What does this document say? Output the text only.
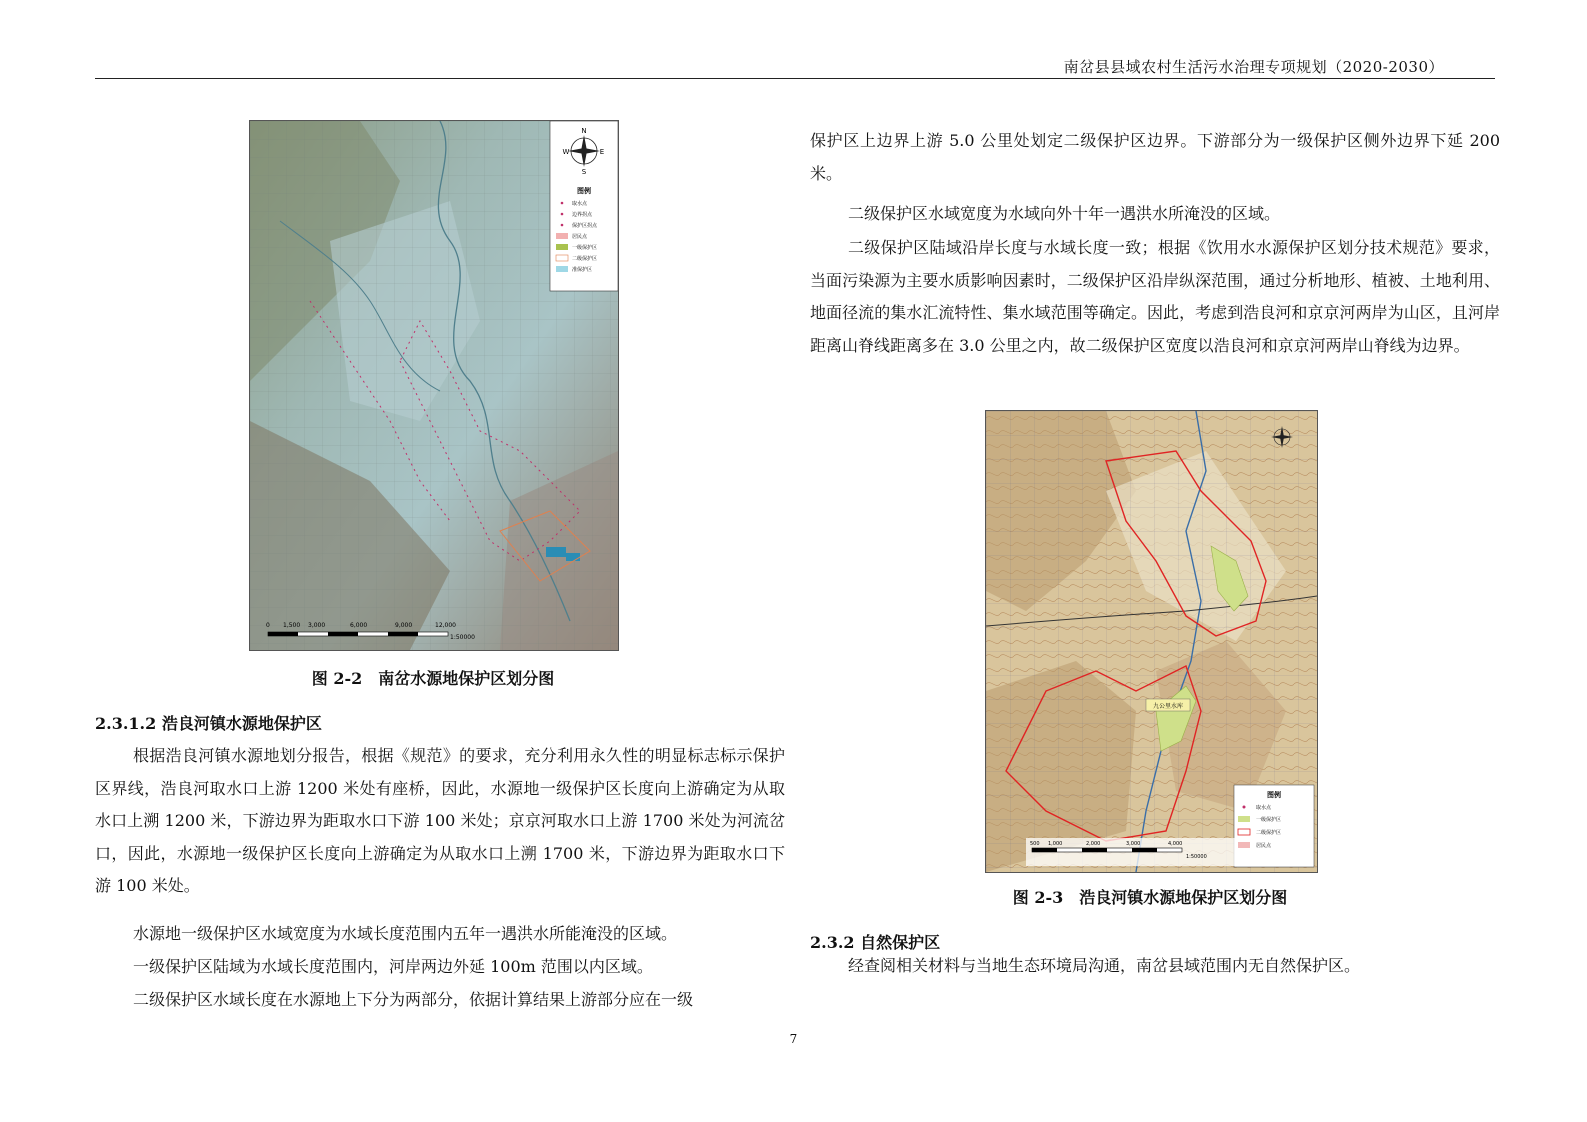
南岔县县域农村生活污水治理专项规划（2020-2030）
N
S
E
W
图例
取水点
边界拐点
保护区拐点
居民点
一级保护区
二级保护区
准保护区
0 1,500 3,000	6,000	9,000	12,000
1:50000
图 2-2　南岔水源地保护区划分图
2.3.1.2 浩良河镇水源地保护区

根据浩良河镇水源地划分报告，根据《规范》的要求，充分利用永久性的明显标志标示保护区界线，浩良河取水口上游 1200 米处有座桥，因此，水源地一级保护区长度向上游确定为从取水口上溯 1200 米，下游边界为距取水口下游 100 米处；京京河取水口上游 1700 米处为河流岔口，因此，水源地一级保护区长度向上游确定为从取水口上溯 1700 米，下游边界为距取水口下游 100 米处。

水源地一级保护区水域宽度为水域长度范围内五年一遇洪水所能淹没的区域。

一级保护区陆域为水域长度范围内，河岸两边外延 100m 范围以内区域。

二级保护区水域长度在水源地上下分为两部分，依据计算结果上游部分应在一级

保护区上边界上游 5.0 公里处划定二级保护区边界。下游部分为一级保护区侧外边界下延 200 米。

二级保护区水域宽度为水域向外十年一遇洪水所淹没的区域。

二级保护区陆域沿岸长度与水域长度一致；根据《饮用水水源保护区划分技术规范》要求，当面污染源为主要水质影响因素时，二级保护区沿岸纵深范围，通过分析地形、植被、土地利用、地面径流的集水汇流特性、集水域范围等确定。因此，考虑到浩良河和京京河两岸为山区，且河岸距离山脊线距离多在 3.0 公里之内，故二级保护区宽度以浩良河和京京河两岸山脊线为边界。

九公里水库
图例
取水点
一级保护区
二级保护区
居民点
500 1,000	2,000	3,000	4,000
1:50000
图 2-3　浩良河镇水源地保护区划分图
2.3.2 自然保护区

经查阅相关材料与当地生态环境局沟通，南岔县域范围内无自然保护区。

7
